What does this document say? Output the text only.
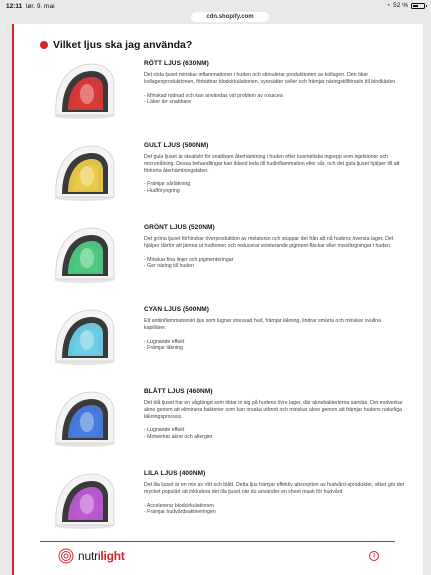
12:11 lør. 9. mai	◔ 52 %
cdn.shopify.com
Vilket ljus ska jag använda?
RÖTT LJUS (630NM)
Det röda ljuset minskar inflammationer i huden och stimulerar produktionen av kollagen. Den ökar kollagenproduktionen, förbättrar blodcirkulationen, syresätter celler och främjar näringstillförseln till blodkärlen.
- Minskad rodnad och kan användas vid problem av rosacea
- Läker ärr snabbare
GULT LJUS (590NM)
Det gula ljuset är idealiskt för snabbare återhämtning i huden efter kosmetiska ingrepp som injektioner och micronålning. Dessa behandlingar kan ibland leda till hudinflammation eller sår, och det gula ljuset hjälper till att förkorta återhämtningstiden.
- Främjar sårläkning
- Hudföryngring
GRÖNT LJUS (520NM)
Det gröna ljuset förhindrar överproduktion av melatonin och stoppar det från att nå hudens översta lager. Det hjälper därför att jämna ut hudtonen och reducerar existerande pigment-fläckar eller missfärgningar i huden.
- Minskar fina linjer och pigmenteringar
- Ger näring till huden
CYAN LJUS (500NM)
Ett antiinflammatoriskt ljus som lugnar stressad hud, främjar läkning, lindrar smärta och minskar svullna kapillärer.
- Lugnande effekt
- Främjar läkning
BLÅTT LJUS (460NM)
Det blå ljuset har en våglängd som riktar in sig på hudens övre lager, där aknebakterierna samlas. Det motverkar akne genom att eliminera bakterier som kan orsaka utbrott och minskar akne genom att främjar hudens naturliga läkningsprocess.
- Lugnande effekt
- Motverkar akne och allergier
LILA LJUS (400NM)
Det lila ljuset är en mix av rött och blått. Detta ljus främjar effektiv absorption av hudvård-sprodukter, vilket gör det mycket populärt att inkludera det lila ljuset när du använder en sheet mask för hudvård.
- Accelererar blodcirkulationen
- Främjar hudvårdsaktiveringen
nutrilight	3
